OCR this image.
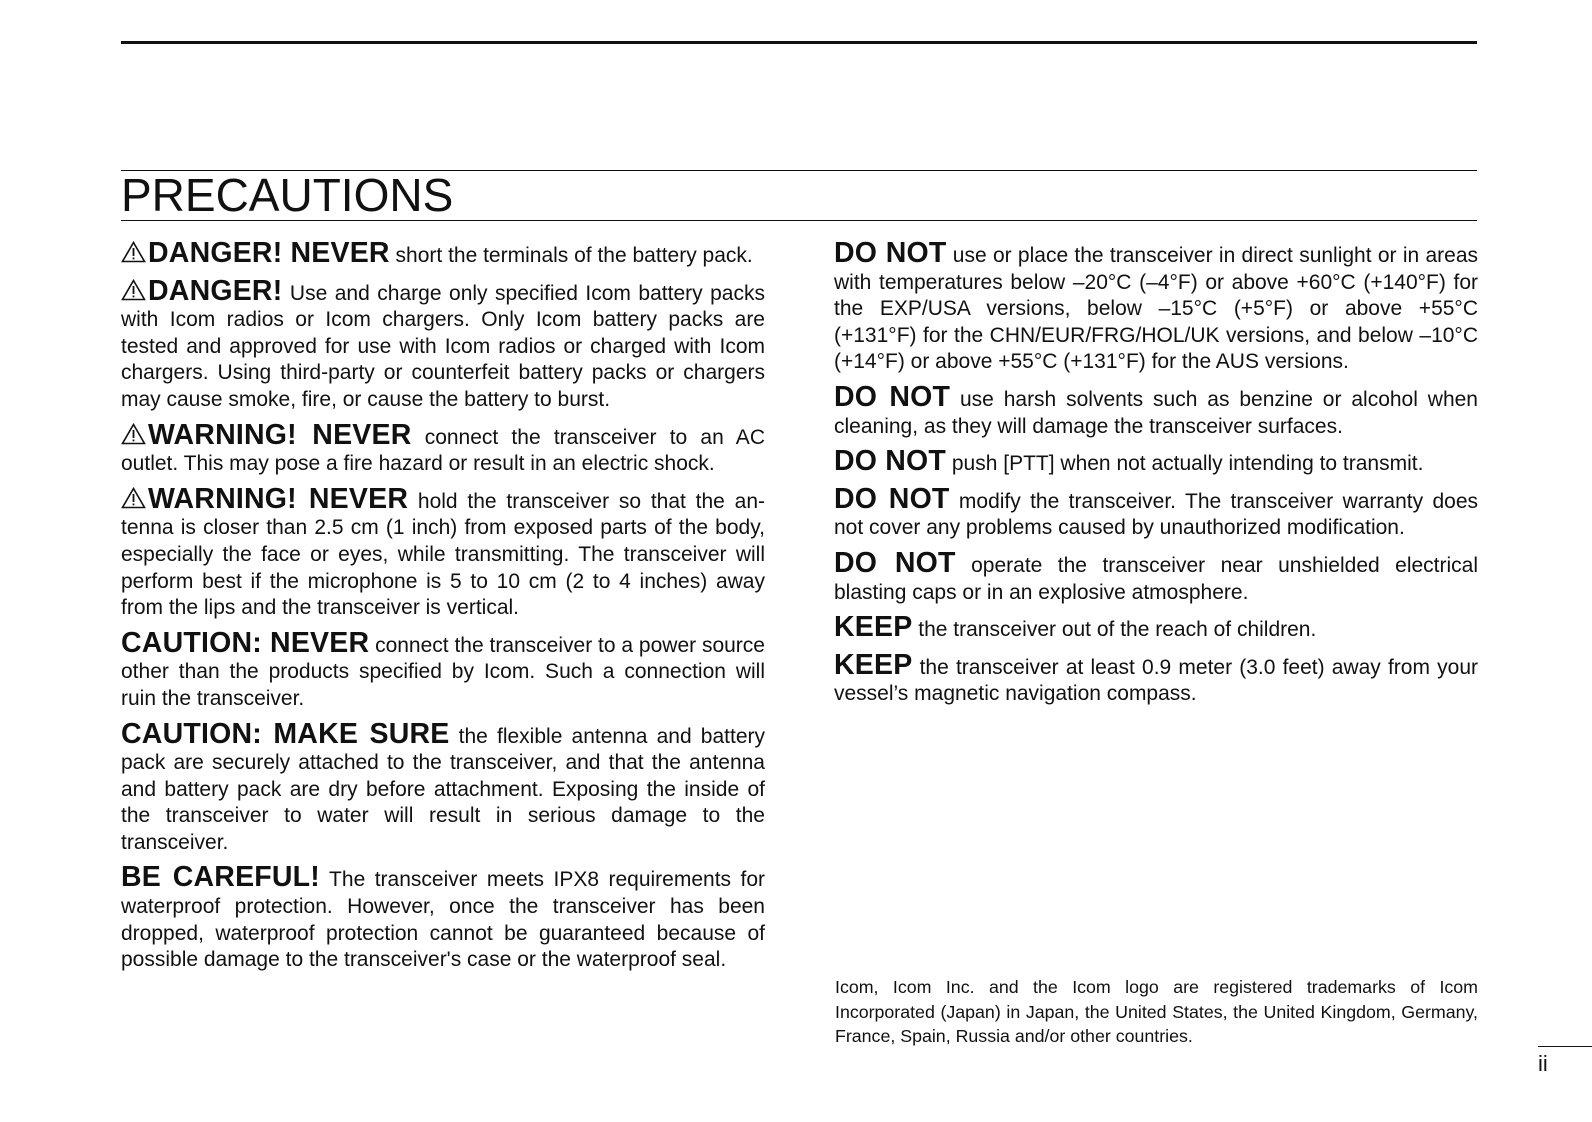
PRECAUTIONS

DANGER! NEVER short the terminals of the battery pack.

DANGER! Use and charge only specified Icom battery packs with Icom radios or Icom chargers. Only Icom battery packs are tested and approved for use with Icom radios or charged with Icom chargers. Using third-party or counterfeit battery packs or chargers may cause smoke, fire, or cause the battery to burst.

WARNING! NEVER connect the transceiver to an AC outlet. This may pose a fire hazard or result in an electric shock.

WARNING! NEVER hold the transceiver so that the antenna is closer than 2.5 cm (1 inch) from exposed parts of the body, especially the face or eyes, while transmitting. The transceiver will perform best if the microphone is 5 to 10 cm (2 to 4 inches) away from the lips and the transceiver is vertical.

CAUTION: NEVER connect the transceiver to a power source other than the products specified by Icom. Such a connection will ruin the transceiver.

CAUTION: MAKE SURE the flexible antenna and battery pack are securely attached to the transceiver, and that the antenna and battery pack are dry before attachment. Exposing the inside of the transceiver to water will result in serious damage to the transceiver.

BE CAREFUL! The transceiver meets IPX8 requirements for waterproof protection. However, once the transceiver has been dropped, waterproof protection cannot be guaranteed because of possible damage to the transceiver's case or the waterproof seal.

DO NOT use or place the transceiver in direct sunlight or in areas with temperatures below –20°C (–4°F) or above +60°C (+140°F) for the EXP/USA versions, below –15°C (+5°F) or above +55°C (+131°F) for the CHN/EUR/FRG/HOL/UK versions, and below –10°C (+14°F) or above +55°C (+131°F) for the AUS versions.

DO NOT use harsh solvents such as benzine or alcohol when cleaning, as they will damage the transceiver surfaces.

DO NOT push [PTT] when not actually intending to transmit.

DO NOT modify the transceiver. The transceiver warranty does not cover any problems caused by unauthorized modification.

DO NOT operate the transceiver near unshielded electrical blasting caps or in an explosive atmosphere.

KEEP the transceiver out of the reach of children.

KEEP the transceiver at least 0.9 meter (3.0 feet) away from your vessel’s magnetic navigation compass.

Icom, Icom Inc. and the Icom logo are registered trademarks of Icom Incorporated (Japan) in Japan, the United States, the United Kingdom, Germany, France, Spain, Russia and/or other countries.

ii
